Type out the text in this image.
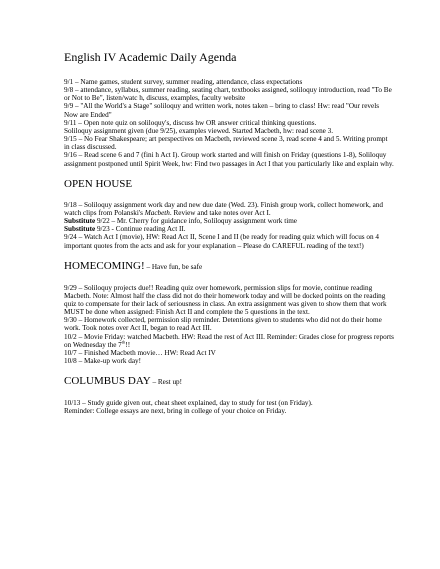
English IV Academic Daily Agenda

9/1 – Name games, student survey, summer reading, attendance, class expectations

9/8 – attendance, syllabus, summer reading, seating chart, textbooks assigned, soliloquy introduction, read "To Be or Not to Be", listen/watc h, discuss, examples, faculty website

9/9 – "All the World's a Stage" soliloquy and written work, notes taken – bring to class! Hw: read "Our revels Now are Ended"

9/11 – Open note quiz on soliloquy's, discuss hw OR answer critical thinking questions.

Soliloquy assignment given (due 9/25), examples viewed. Started Macbeth, hw: read scene 3.

9/15 – No Fear Shakespeare; art perspectives on Macbeth, reviewed scene 3, read scene 4 and 5. Writing prompt in class discussed.

9/16 – Read scene 6 and 7 (fini h Act I). Group work started and will finish on Friday (questions 1-8), Soliloquy assignment postponed until Spirit Week, hw: Find two passages in Act I that you particularly like and explain why.

OPEN HOUSE

9/18 – Soliloquy assignment work day and new due date (Wed. 23). Finish group work, collect homework, and watch clips from Polanski's Macbeth. Review and take notes over Act I.

Substitute 9/22 – Mr. Cherry for guidance info, Soliloquy assignment work time

Substitute 9/23 - Continue reading Act II.

9/24 – Watch Act I (movie), HW: Read Act II, Scene I and II (be ready for reading quiz which will focus on 4 important quotes from the acts and ask for your explanation – Please do CAREFUL reading of the text!)

HOMECOMING! – Have fun, be safe

9/29 – Soliloquy projects due!! Reading quiz over homework, permission slips for movie, continue reading Macbeth. Note: Almost half the class did not do their homework today and will be docked points on the reading quiz to compensate for their lack of seriousness in class. An extra assignment was given to show them that work MUST be done when assigned: Finish Act II and complete the 5 questions in the text.

9/30 – Homework collected, permission slip reminder. Detentions given to students who did not do their home work. Took notes over Act II, began to read Act III.

10/2 – Movie Friday: watched Macbeth. HW: Read the rest of Act III. Reminder: Grades close for progress reports on Wednesday the 7th!!

10/7 – Finished Macbeth movie… HW: Read Act IV

10/8 – Make-up work day!

COLUMBUS DAY – Rest up!

10/13 – Study guide given out, cheat sheet explained, day to study for test (on Friday).

Reminder: College essays are next, bring in college of your choice on Friday.
